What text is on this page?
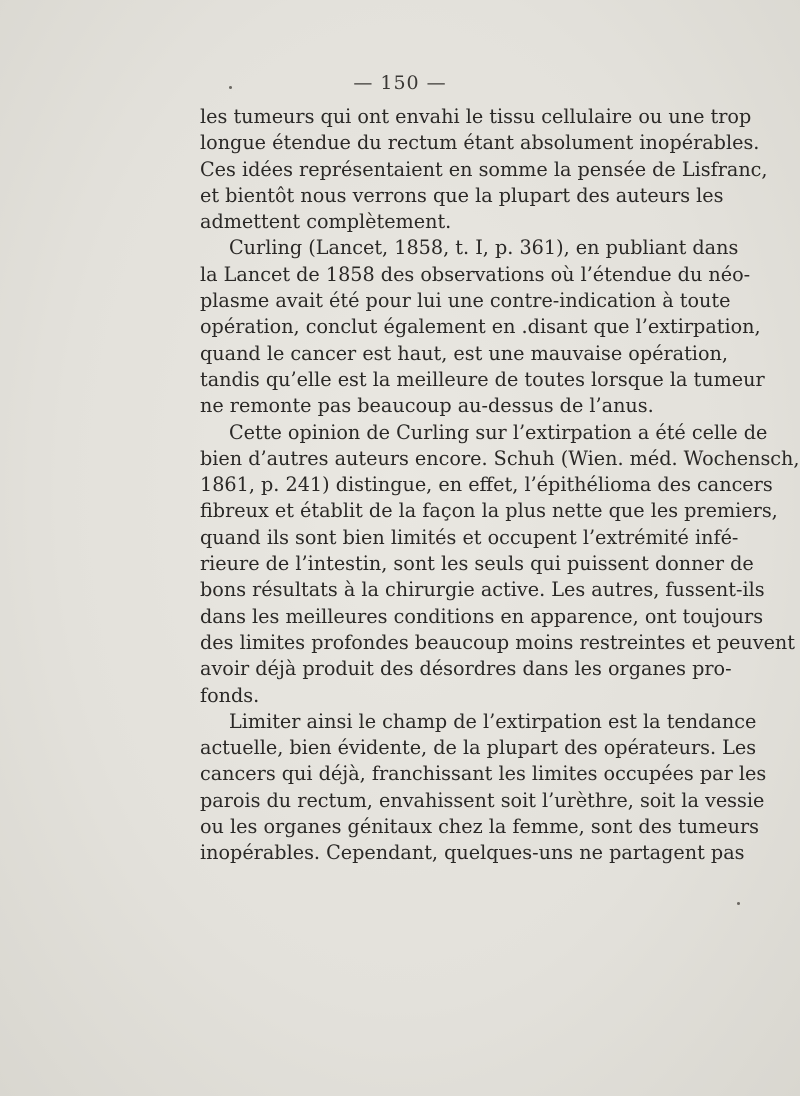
— 150 —
les tumeurs qui ont envahi le tissu cellulaire ou une trop
longue étendue du rectum étant absolument inopérables.
Ces idées représentaient en somme la pensée de Lisfranc,
et bientôt nous verrons que la plupart des auteurs les
admettent complètement.
Curling (Lancet, 1858, t. I, p. 361), en publiant dans
la Lancet de 1858 des observations où l’étendue du néo-
plasme avait été pour lui une contre-indication à toute
opération, conclut également en .disant que l’extirpation,
quand le cancer est haut, est une mauvaise opération,
tandis qu’elle est la meilleure de toutes lorsque la tumeur
ne remonte pas beaucoup au-dessus de l’anus.
Cette opinion de Curling sur l’extirpation a été celle de
bien d’autres auteurs encore. Schuh (Wien. méd. Wochensch,
1861, p. 241) distingue, en effet, l’épithélioma des cancers
fibreux et établit de la façon la plus nette que les premiers,
quand ils sont bien limités et occupent l’extrémité infé-
rieure de l’intestin, sont les seuls qui puissent donner de
bons résultats à la chirurgie active. Les autres, fussent-ils
dans les meilleures conditions en apparence, ont toujours
des limites profondes beaucoup moins restreintes et peuvent
avoir déjà produit des désordres dans les organes pro-
fonds.
Limiter ainsi le champ de l’extirpation est la tendance
actuelle, bien évidente, de la plupart des opérateurs. Les
cancers qui déjà, franchissant les limites occupées par les
parois du rectum, envahissent soit l’urèthre, soit la vessie
ou les organes génitaux chez la femme, sont des tumeurs
inopérables. Cependant, quelques-uns ne partagent pas
